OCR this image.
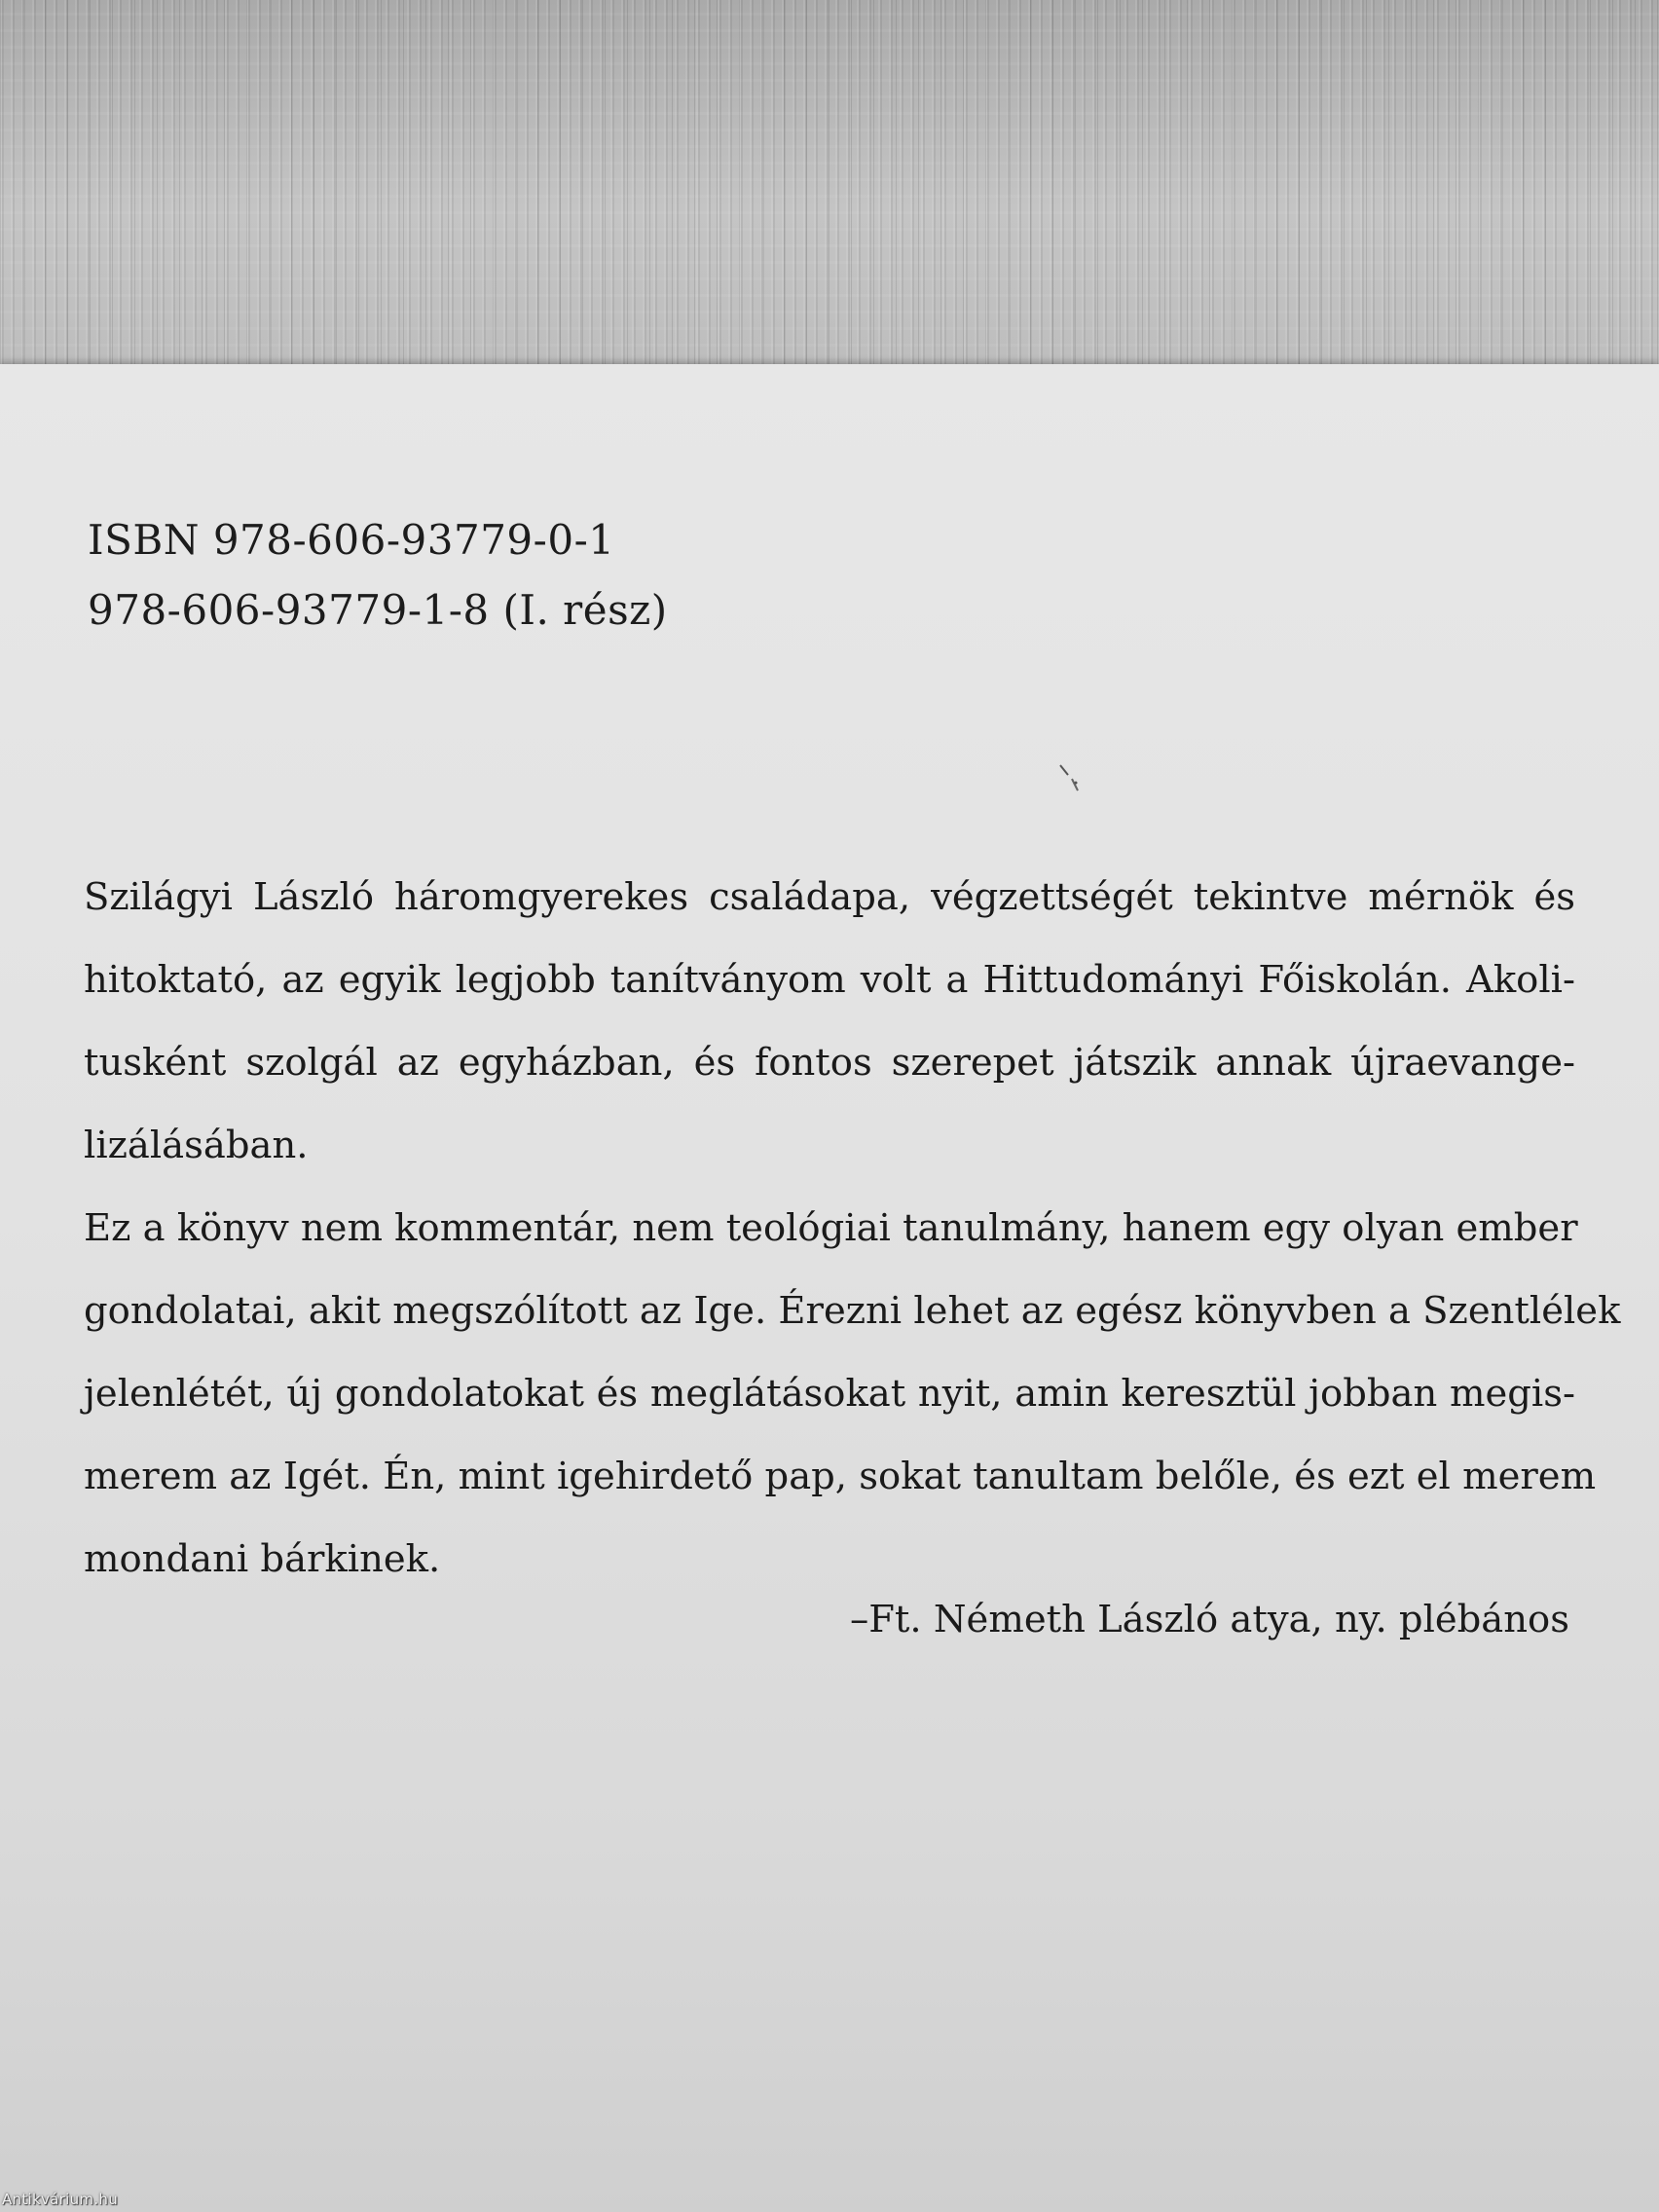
ISBN 978-606-93779-0-1
978-606-93779-1-8 (I. rész)
Szilágyi László háromgyerekes családapa, végzettségét tekintve mérnök és
hitoktató, az egyik legjobb tanítványom volt a Hittudományi Főiskolán. Akoli-
tusként szolgál az egyházban, és fontos szerepet játszik annak újraevange-
lizálásában.
Ez a könyv nem kommentár, nem teológiai tanulmány, hanem egy olyan ember
gondolatai, akit megszólított az Ige. Érezni lehet az egész könyvben a Szentlélek
jelenlétét, új gondolatokat és meglátásokat nyit, amin keresztül jobban megis-
merem az Igét. Én, mint igehirdető pap, sokat tanultam belőle, és ezt el merem
mondani bárkinek.
–Ft. Németh László atya, ny. plébános
Antikvárium.hu
